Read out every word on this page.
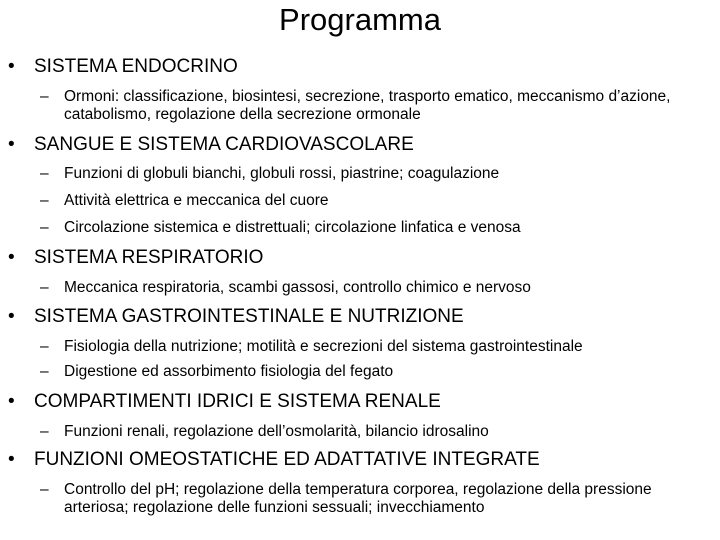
Programma
•	SISTEMA ENDOCRINO
– Ormoni: classificazione, biosintesi, secrezione, trasporto ematico, meccanismo d’azione, catabolismo, regolazione della secrezione ormonale
•	SANGUE E SISTEMA CARDIOVASCOLARE
– Funzioni di globuli bianchi, globuli rossi, piastrine; coagulazione
– Attività elettrica e meccanica del cuore
– Circolazione sistemica e distrettuali; circolazione linfatica e venosa
•	SISTEMA RESPIRATORIO
– Meccanica respiratoria, scambi gassosi, controllo chimico e nervoso
•	SISTEMA GASTROINTESTINALE E NUTRIZIONE
– Fisiologia della nutrizione; motilità e secrezioni del sistema gastrointestinale
– Digestione ed assorbimento fisiologia del fegato
•	COMPARTIMENTI IDRICI E SISTEMA RENALE
– Funzioni renali, regolazione dell’osmolarità, bilancio idrosalino
•	FUNZIONI OMEOSTATICHE ED ADATTATIVE INTEGRATE
– Controllo del pH; regolazione della temperatura corporea, regolazione della pressione arteriosa; regolazione delle funzioni sessuali; invecchiamento
